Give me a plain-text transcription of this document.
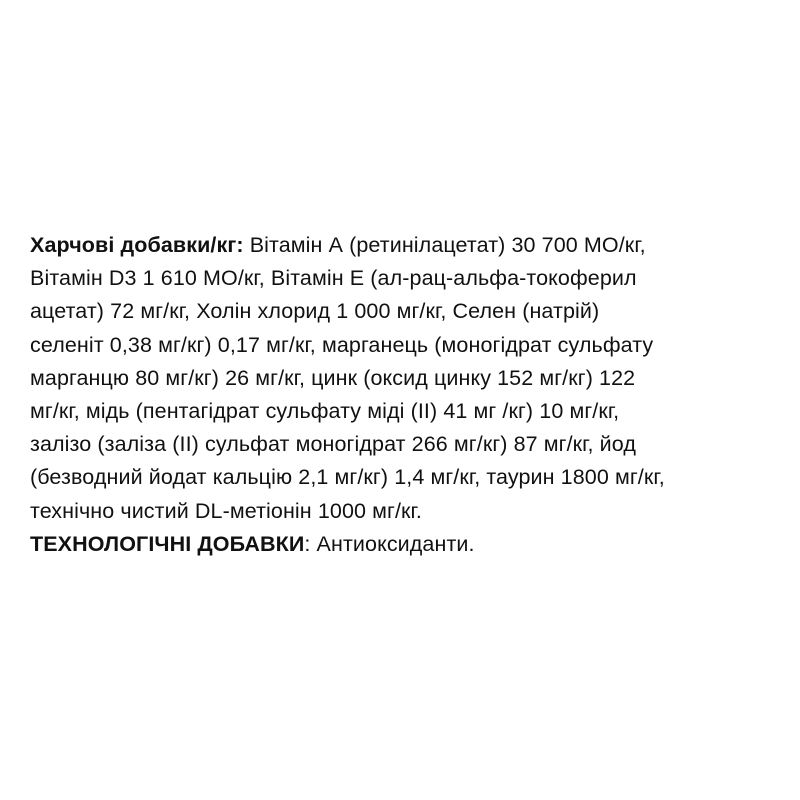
Харчові добавки/кг: Вітамін А (ретинілацетат) 30 700 МО/кг,
Вітамін D3 1 610 МО/кг, Вітамін Е (ал-рац-альфа-токоферил
ацетат) 72 мг/кг, Холін хлорид 1 000 мг/кг, Селен (натрій)
селеніт 0,38 мг/кг) 0,17 мг/кг, марганець (моногідрат сульфату
марганцю 80 мг/кг) 26 мг/кг, цинк (оксид цинку 152 мг/кг) 122
мг/кг, мідь (пентагідрат сульфату міді (II) 41 мг /кг) 10 мг/кг,
залізо (заліза (II) сульфат моногідрат 266 мг/кг) 87 мг/кг, йод
(безводний йодат кальцію 2,1 мг/кг) 1,4 мг/кг, таурин 1800 мг/кг,
технічно чистий DL-метіонін 1000 мг/кг.
ТЕХНОЛОГІЧНІ ДОБАВКИ: Антиоксиданти.
